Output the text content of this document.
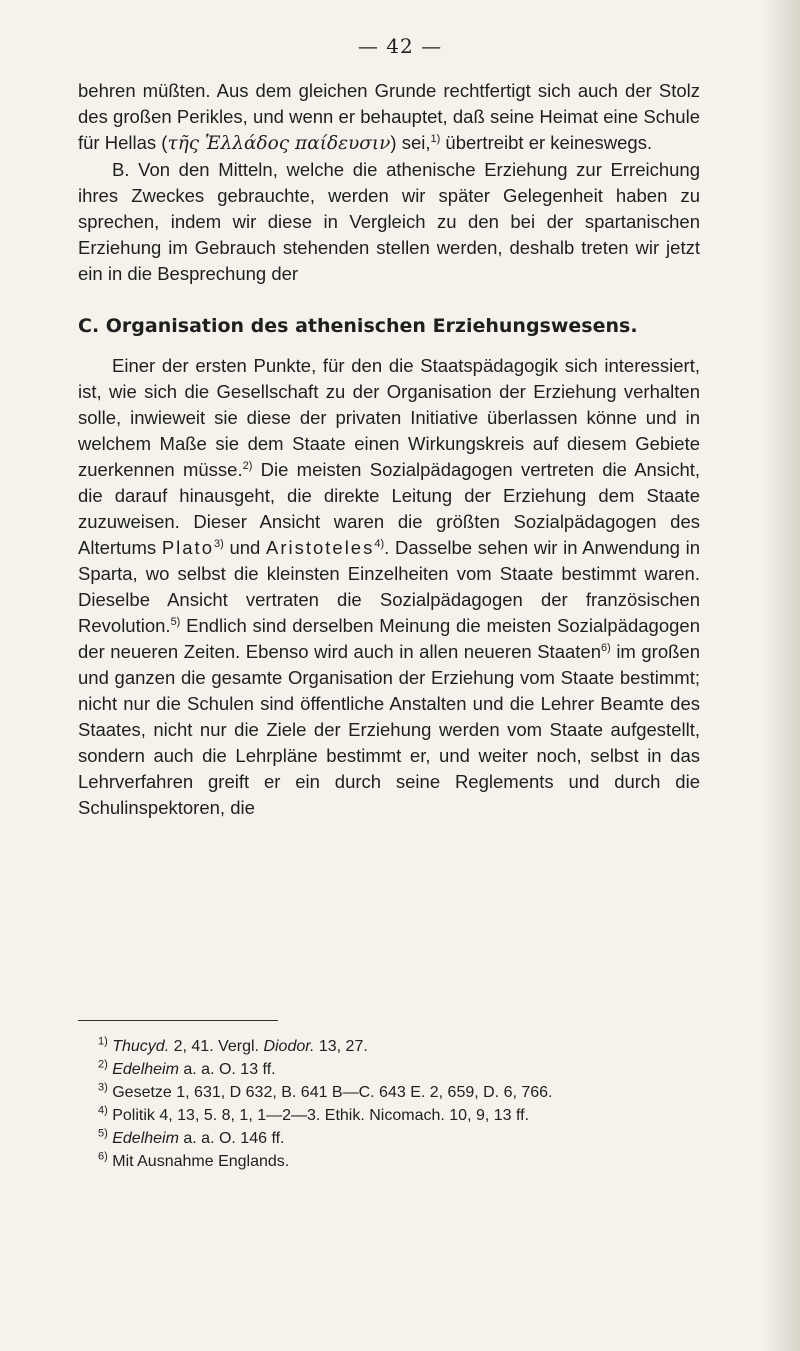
— 42 —

behren müßten. Aus dem gleichen Grunde rechtfertigt sich auch der Stolz des großen Perikles, und wenn er behauptet, daß seine Heimat eine Schule für Hellas (τῆς Ἑλλάδος παίδευσιν) sei,$^{1)}$ übertreibt er keineswegs.

B. Von den Mitteln, welche die athenische Erziehung zur Erreichung ihres Zweckes gebrauchte, werden wir später Gelegenheit haben zu sprechen, indem wir diese in Vergleich zu den bei der spartanischen Erziehung im Gebrauch stehenden stellen werden, deshalb treten wir jetzt ein in die Besprechung der

C. Organisation des athenischen Erziehungswesens.

Einer der ersten Punkte, für den die Staatspädagogik sich interessiert, ist, wie sich die Gesellschaft zu der Organisation der Erziehung verhalten solle, inwieweit sie diese der privaten Initiative überlassen könne und in welchem Maße sie dem Staate einen Wirkungskreis auf diesem Gebiete zuerkennen müsse.$^{2)}$ Die meisten Sozialpädagogen vertreten die Ansicht, die darauf hinausgeht, die direkte Leitung der Erziehung dem Staate zuzuweisen. Dieser Ansicht waren die größten Sozialpädagogen des Altertums Plato$^{3)}$ und Aristoteles$^{4)}$. Dasselbe sehen wir in Anwendung in Sparta, wo selbst die kleinsten Einzelheiten vom Staate bestimmt waren. Dieselbe Ansicht vertraten die Sozialpädagogen der französischen Revolution.$^{5)}$ Endlich sind derselben Meinung die meisten Sozialpädagogen der neueren Zeiten. Ebenso wird auch in allen neueren Staaten$^{6)}$ im großen und ganzen die gesamte Organisation der Erziehung vom Staate bestimmt; nicht nur die Schulen sind öffentliche Anstalten und die Lehrer Beamte des Staates, nicht nur die Ziele der Erziehung werden vom Staate aufgestellt, sondern auch die Lehrpläne bestimmt er, und weiter noch, selbst in das Lehrverfahren greift er ein durch seine Reglements und durch die Schulinspektoren, die

$^{1)}$ Thucyd. 2, 41. Vergl. Diodor. 13, 27.

$^{2)}$ Edelheim a. a. O. 13 ff.

$^{3)}$ Gesetze 1, 631, D 632, B. 641 B—C. 643 E. 2, 659, D. 6, 766.

$^{4)}$ Politik 4, 13, 5. 8, 1, 1—2—3. Ethik. Nicomach. 10, 9, 13 ff.

$^{5)}$ Edelheim a. a. O. 146 ff.

$^{6)}$ Mit Ausnahme Englands.
